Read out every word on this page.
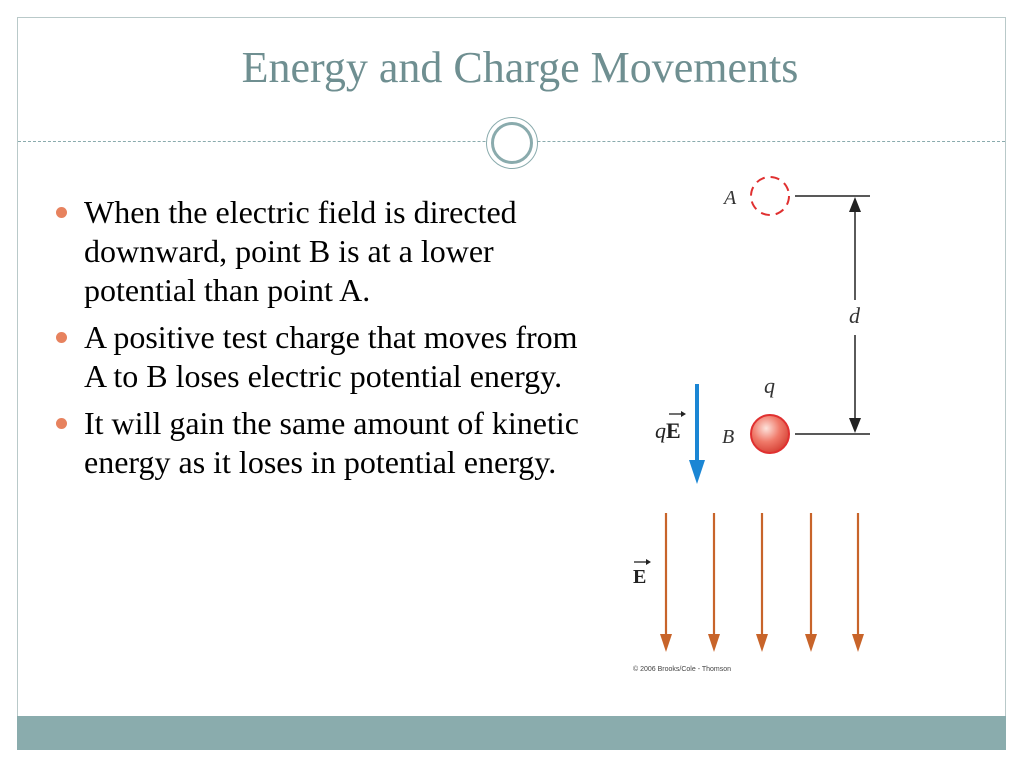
Energy and Charge Movements
When the electric field is directed downward, point B is at a lower potential than point A.
A positive test charge that moves from A to B loses electric potential energy.
It will gain the same amount of kinetic energy as it loses in potential energy.
A
d
q
B
qE
E
© 2006 Brooks/Cole - Thomson
